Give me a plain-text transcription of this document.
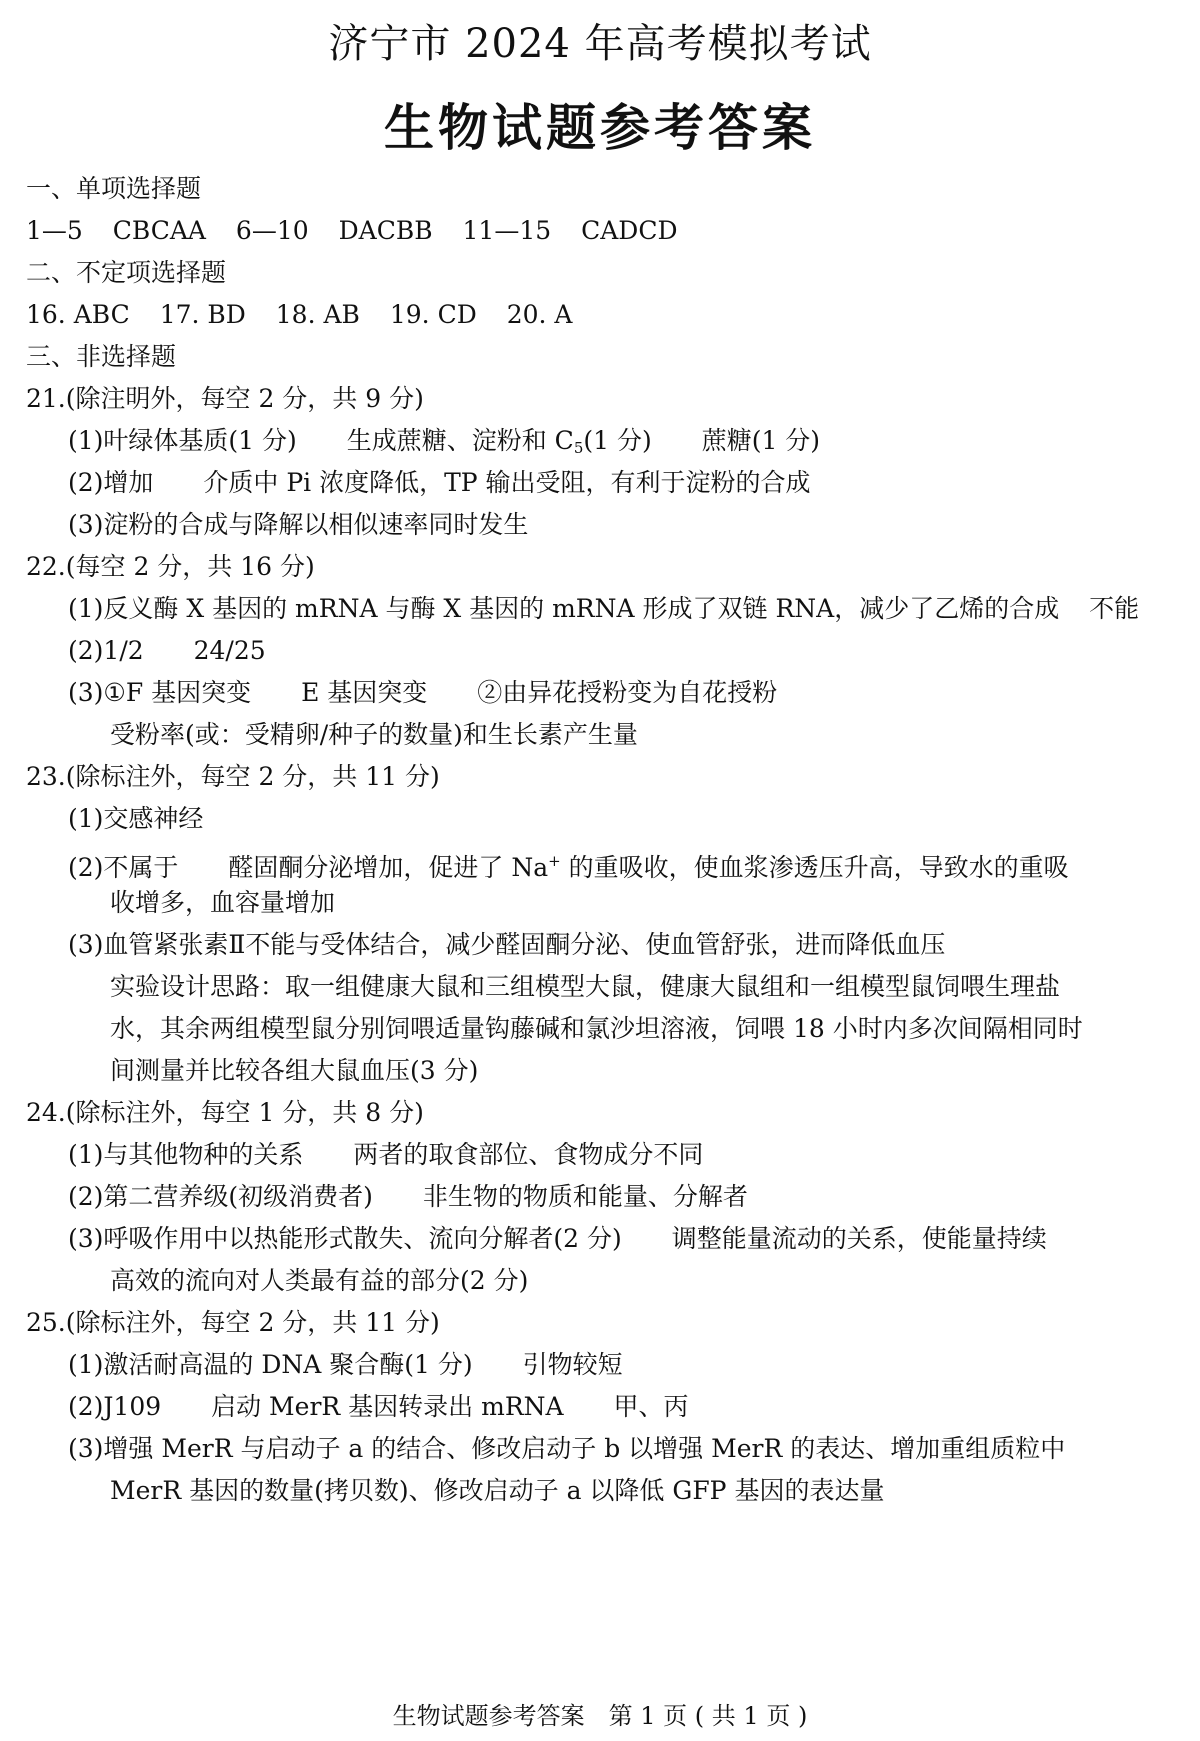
济宁市 2024 年高考模拟考试
生物试题参考答案
一、单项选择题
1—5 CBCAA 6—10 DACBB 11—15 CADCD
二、不定项选择题
16. ABC 17. BD 18. AB 19. CD 20. A
三、非选择题
21.(除注明外，每空 2 分，共 9 分)
(1)叶绿体基质(1 分) 生成蔗糖、淀粉和 $C_5(1$ 分) 蔗糖(1 分)
(2)增加 介质中 Pi 浓度降低，TP 输出受阻，有利于淀粉的合成
(3)淀粉的合成与降解以相似速率同时发生
22.(每空 2 分，共 16 分)
(1)反义酶 X 基因的 mRNA 与酶 X 基因的 mRNA 形成了双链 RNA，减少了乙烯的合成 不能
(2)1/2 24/25
(3)①F 基因突变 E 基因突变 ②由异花授粉变为自花授粉
受粉率(或：受精卵/种子的数量)和生长素产生量
23.(除标注外，每空 2 分，共 11 分)
(1)交感神经
(2)不属于 醛固酮分泌增加，促进了 Na+ 的重吸收，使血浆渗透压升高，导致水的重吸
收增多，血容量增加
(3)血管紧张素Ⅱ不能与受体结合，减少醛固酮分泌、使血管舒张，进而降低血压
实验设计思路：取一组健康大鼠和三组模型大鼠，健康大鼠组和一组模型鼠饲喂生理盐
水，其余两组模型鼠分别饲喂适量钩藤碱和氯沙坦溶液，饲喂 18 小时内多次间隔相同时
间测量并比较各组大鼠血压(3 分)
24.(除标注外，每空 1 分，共 8 分)
(1)与其他物种的关系 两者的取食部位、食物成分不同
(2)第二营养级(初级消费者) 非生物的物质和能量、分解者
(3)呼吸作用中以热能形式散失、流向分解者(2 分) 调整能量流动的关系，使能量持续
高效的流向对人类最有益的部分(2 分)
25.(除标注外，每空 2 分，共 11 分)
(1)激活耐高温的 DNA 聚合酶(1 分) 引物较短
(2)J109 启动 MerR 基因转录出 mRNA 甲、丙
(3)增强 MerR 与启动子 a 的结合、修改启动子 b 以增强 MerR 的表达、增加重组质粒中
MerR 基因的数量(拷贝数)、修改启动子 a 以降低 GFP 基因的表达量
生物试题参考答案　第 1 页 ( 共 1 页 )
